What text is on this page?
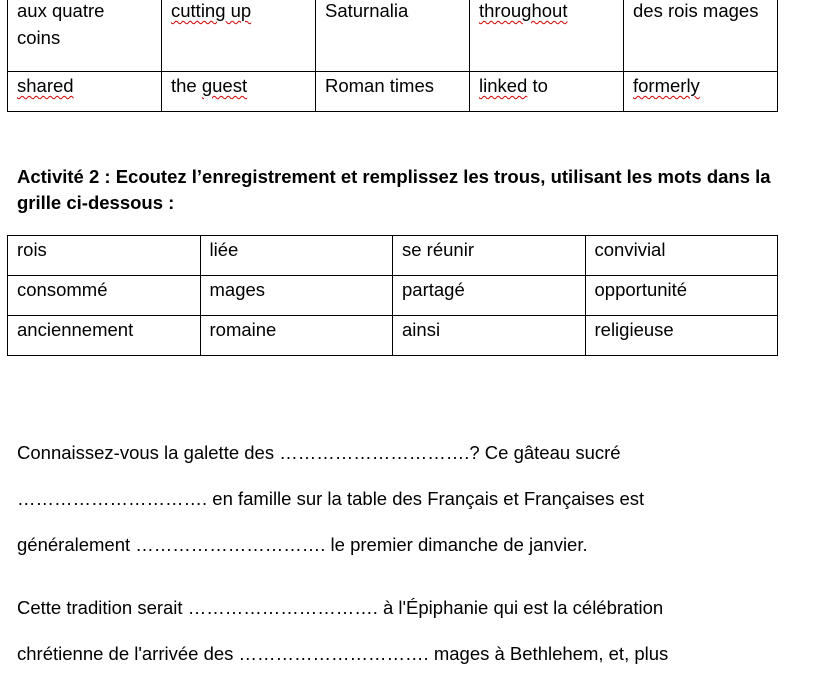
aux quatre coins	cutting up	Saturnalia	throughout	des rois mages
shared	the guest	Roman times	linked to	formerly

Activité 2 : Ecoutez l’enregistrement et remplissez les trous, utilisant les mots dans la grille ci-dessous :

rois	liée	se réunir	convivial
consommé	mages	partagé	opportunité
anciennement	romaine	ainsi	religieuse

Connaissez-vous la galette des ………………………….? Ce gâteau sucré

…………………………. en famille sur la table des Français et Françaises est

généralement …………………………. le premier dimanche de janvier.

Cette tradition serait …………………………. à l'Épiphanie qui est la célébration

chrétienne de l'arrivée des …………………………. mages à Bethlehem, et, plus
